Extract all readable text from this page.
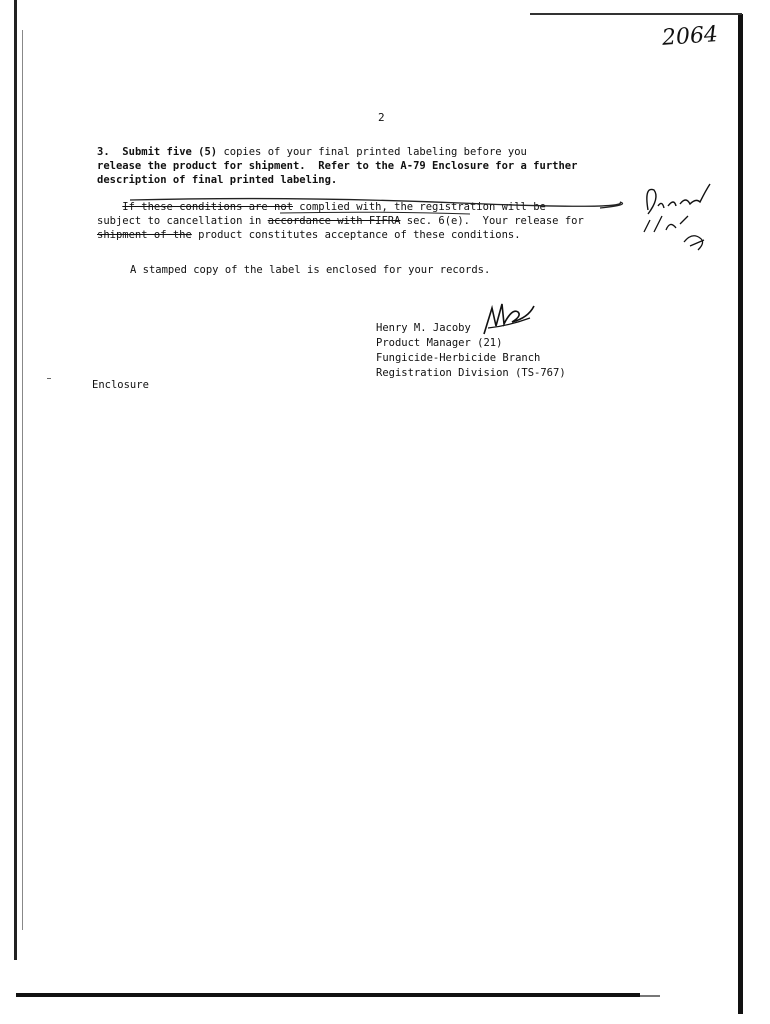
2064
2
3.  Submit five (5) copies of your final printed labeling before you
release the product for shipment.  Refer to the A-79 Enclosure for a further
description of final printed labeling.
If these conditions are not complied with, the registration will be
subject to cancellation in accordance with FIFRA sec. 6(e).  Your release for
shipment of the product constitutes acceptance of these conditions.
A stamped copy of the label is enclosed for your records.
Henry M. Jacoby
Product Manager (21)
Fungicide-Herbicide Branch
Registration Division (TS-767)
Enclosure
